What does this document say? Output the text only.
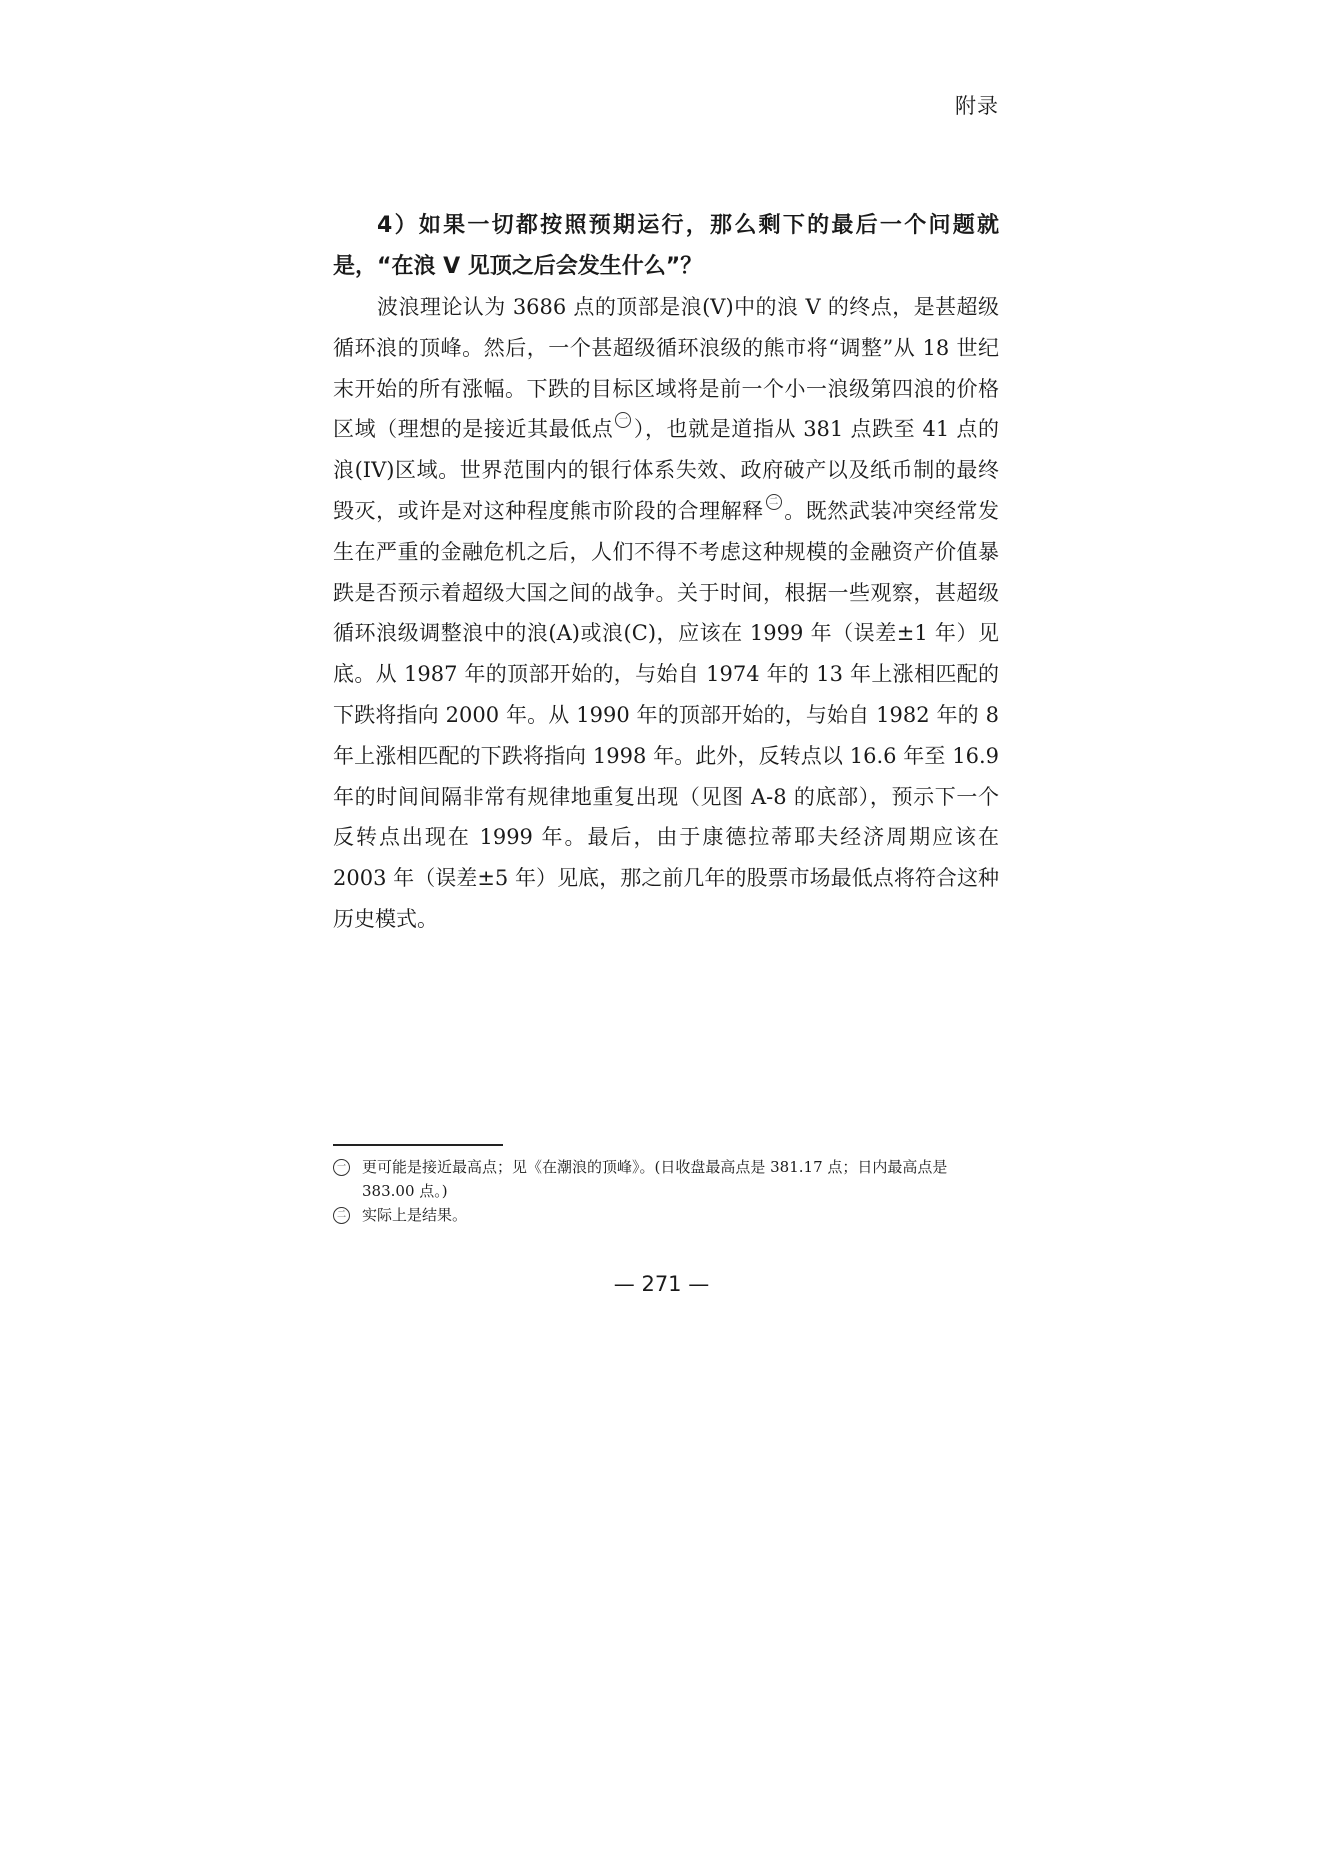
附录

4）如果一切都按照预期运行，那么剩下的最后一个问题就是，“在浪 V 见顶之后会发生什么”？

波浪理论认为 3686 点的顶部是浪(V)中的浪 V 的终点，是甚超级循环浪的顶峰。然后，一个甚超级循环浪级的熊市将“调整”从 18 世纪末开始的所有涨幅。下跌的目标区域将是前一个小一浪级第四浪的价格区域（理想的是接近其最低点 一 ），也就是道指从 381 点跌至 41 点的浪(IV)区域。世界范围内的银行体系失效、政府破产以及纸币制的最终毁灭，或许是对这种程度熊市阶段的合理解释 二 。既然武装冲突经常发生在严重的金融危机之后，人们不得不考虑这种规模的金融资产价值暴跌是否预示着超级大国之间的战争。关于时间，根据一些观察，甚超级循环浪级调整浪中的浪(A)或浪(C)，应该在 1999 年（误差±1 年）见底。从 1987 年的顶部开始的，与始自 1974 年的 13 年上涨相匹配的下跌将指向 2000 年。从 1990 年的顶部开始的，与始自 1982 年的 8 年上涨相匹配的下跌将指向 1998 年。此外，反转点以 16.6 年至 16.9 年的时间间隔非常有规律地重复出现（见图 A-8 的底部），预示下一个反转点出现在 1999 年。最后，由于康德拉蒂耶夫经济周期应该在 2003 年（误差±5 年）见底，那之前几年的股票市场最低点将符合这种历史模式。

一 更可能是接近最高点；见《在潮浪的顶峰》。(日收盘最高点是 381.17 点；日内最高点是 383.00 点。)

二 实际上是结果。

— 271 —
